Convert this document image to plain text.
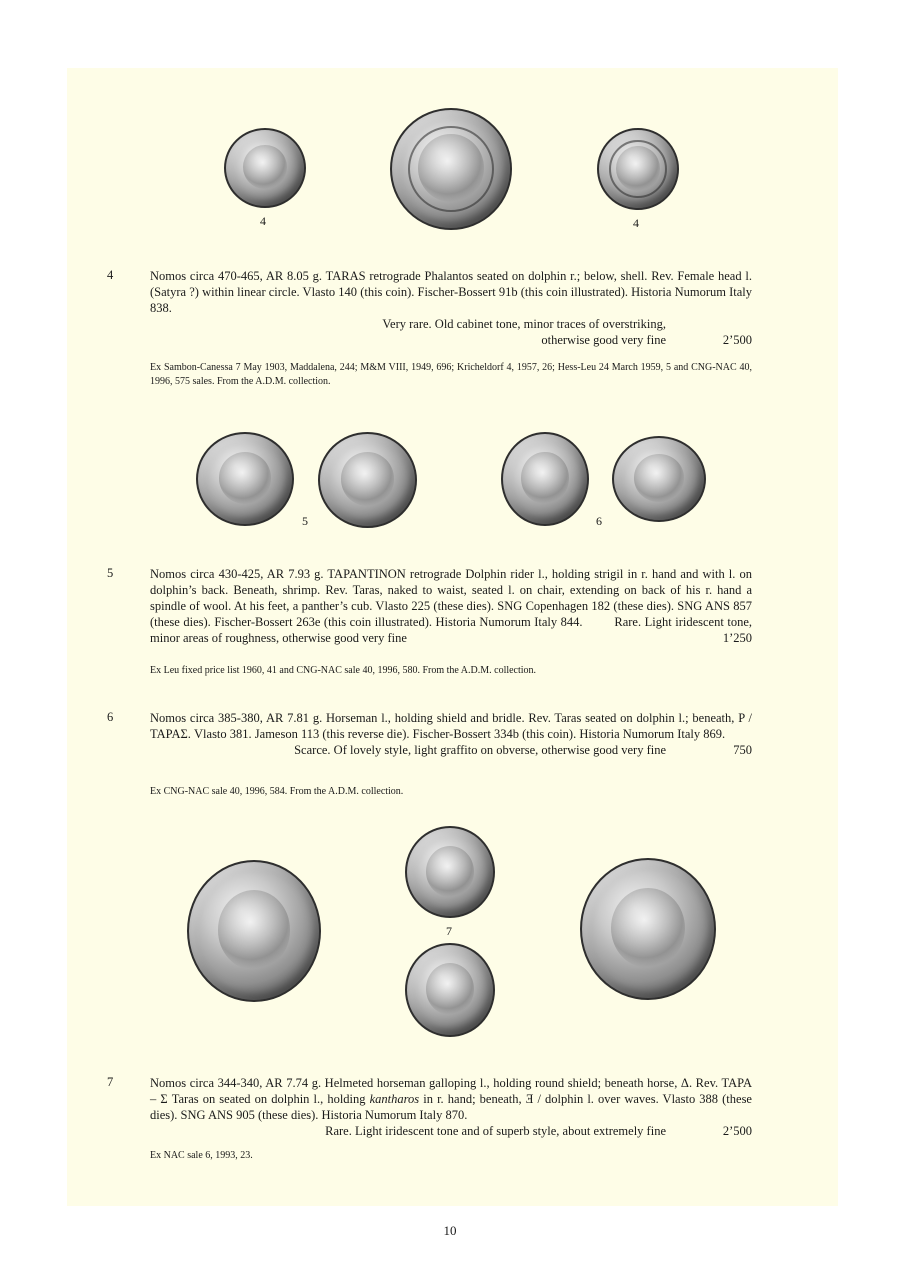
4	4
4	Nomos circa 470-465, AR 8.05 g. TARAS retrograde Phalantos seated on dolphin r.; below, shell. Rev. Female head l. (Satyra ?) within linear circle. Vlasto 140 (this coin). Fischer-Bossert 91b (this coin illustrated). Historia Numorum Italy 838.
Very rare. Old cabinet tone, minor traces of overstriking,
otherwise good very fine	2’500
Ex Sambon-Canessa 7 May 1903, Maddalena, 244; M&M VIII, 1949, 696; Kricheldorf 4, 1957, 26; Hess-Leu 24 March 1959, 5 and CNG-NAC 40, 1996, 575 sales. From the A.D.M. collection.
5	6
5	Nomos circa 430-425, AR 7.93 g. TAPANTINON retrograde Dolphin rider l., holding strigil in r. hand and with l. on dolphin’s back. Beneath, shrimp. Rev. Taras, naked to waist, seated l. on chair, extending on back of his r. hand a spindle of wool. At his feet, a panther’s cub. Vlasto 225 (these dies). SNG Copenhagen 182 (these dies). SNG ANS 857 (these dies). Fischer-Bossert 263e (this coin illustrated). Historia Numorum Italy 844.	Rare. Light iridescent tone, minor areas of roughness, otherwise good very fine	1’250
Ex Leu fixed price list 1960, 41 and CNG-NAC sale 40, 1996, 580. From the A.D.M. collection.
6	Nomos circa 385-380, AR 7.81 g. Horseman l., holding shield and bridle. Rev. Taras seated on dolphin l.; beneath, P / TAPAΣ. Vlasto 381. Jameson 113 (this reverse die). Fischer-Bossert 334b (this coin). Historia Numorum Italy 869.
Scarce. Of lovely style, light graffito on obverse, otherwise good very fine	750
Ex CNG-NAC sale 40, 1996, 584. From the A.D.M. collection.
7
7	Nomos circa 344-340, AR 7.74 g. Helmeted horseman galloping l., holding round shield; beneath horse, Δ. Rev. TAPA – Σ Taras on seated on dolphin l., holding kantharos in r. hand; beneath, Ǝ / dolphin l. over waves. Vlasto 388 (these dies). SNG ANS 905 (these dies). Historia Numorum Italy 870.
Rare. Light iridescent tone and of superb style, about extremely fine	2’500
Ex NAC sale 6, 1993, 23.
10
